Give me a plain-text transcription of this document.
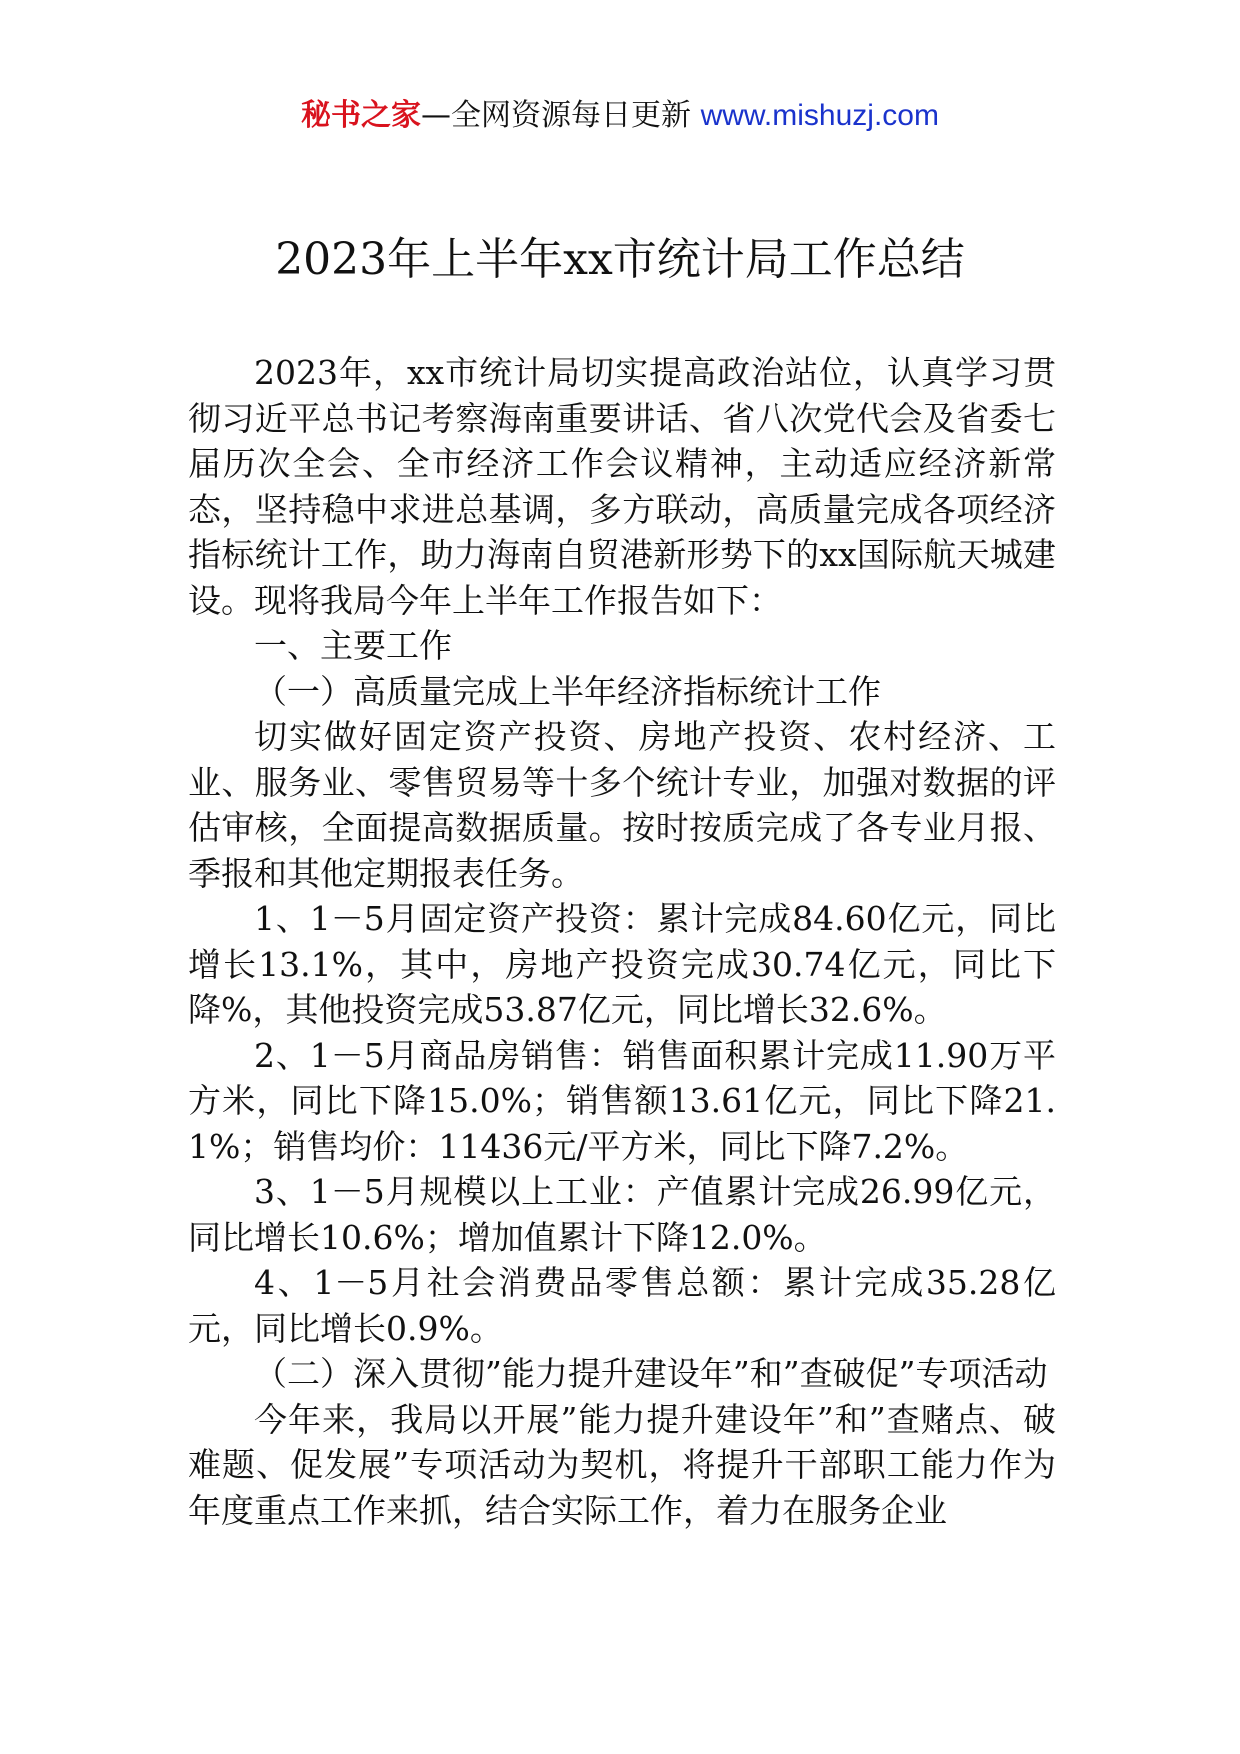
秘书之家—全网资源每日更新 www.mishuzj.com
2023年上半年xx市统计局工作总结

2023年，xx市统计局切实提高政治站位，认真学习贯彻习近平总书记考察海南重要讲话、省八次党代会及省委七届历次全会、全市经济工作会议精神，主动适应经济新常态，坚持稳中求进总基调，多方联动，高质量完成各项经济指标统计工作，助力海南自贸港新形势下的xx国际航天城建设。现将我局今年上半年工作报告如下：

一、主要工作

（一）高质量完成上半年经济指标统计工作

切实做好固定资产投资、房地产投资、农村经济、工业、服务业、零售贸易等十多个统计专业，加强对数据的评估审核，全面提高数据质量。按时按质完成了各专业月报、季报和其他定期报表任务。

1、1－5月固定资产投资：累计完成84.60亿元，同比增长13.1%，其中，房地产投资完成30.74亿元，同比下降%，其他投资完成53.87亿元，同比增长32.6%。

2、1－5月商品房销售：销售面积累计完成11.90万平方米，同比下降15.0%；销售额13.61亿元，同比下降21.1%；销售均价：11436元/平方米，同比下降7.2%。

3、1－5月规模以上工业：产值累计完成26.99亿元，同比增长10.6%；增加值累计下降12.0%。

4、1－5月社会消费品零售总额：累计完成35.28亿元，同比增长0.9%。

（二）深入贯彻”能力提升建设年”和”查破促”专项活动

今年来，我局以开展”能力提升建设年”和”查赌点、破难题、促发展”专项活动为契机，将提升干部职工能力作为年度重点工作来抓，结合实际工作，着力在服务企业
